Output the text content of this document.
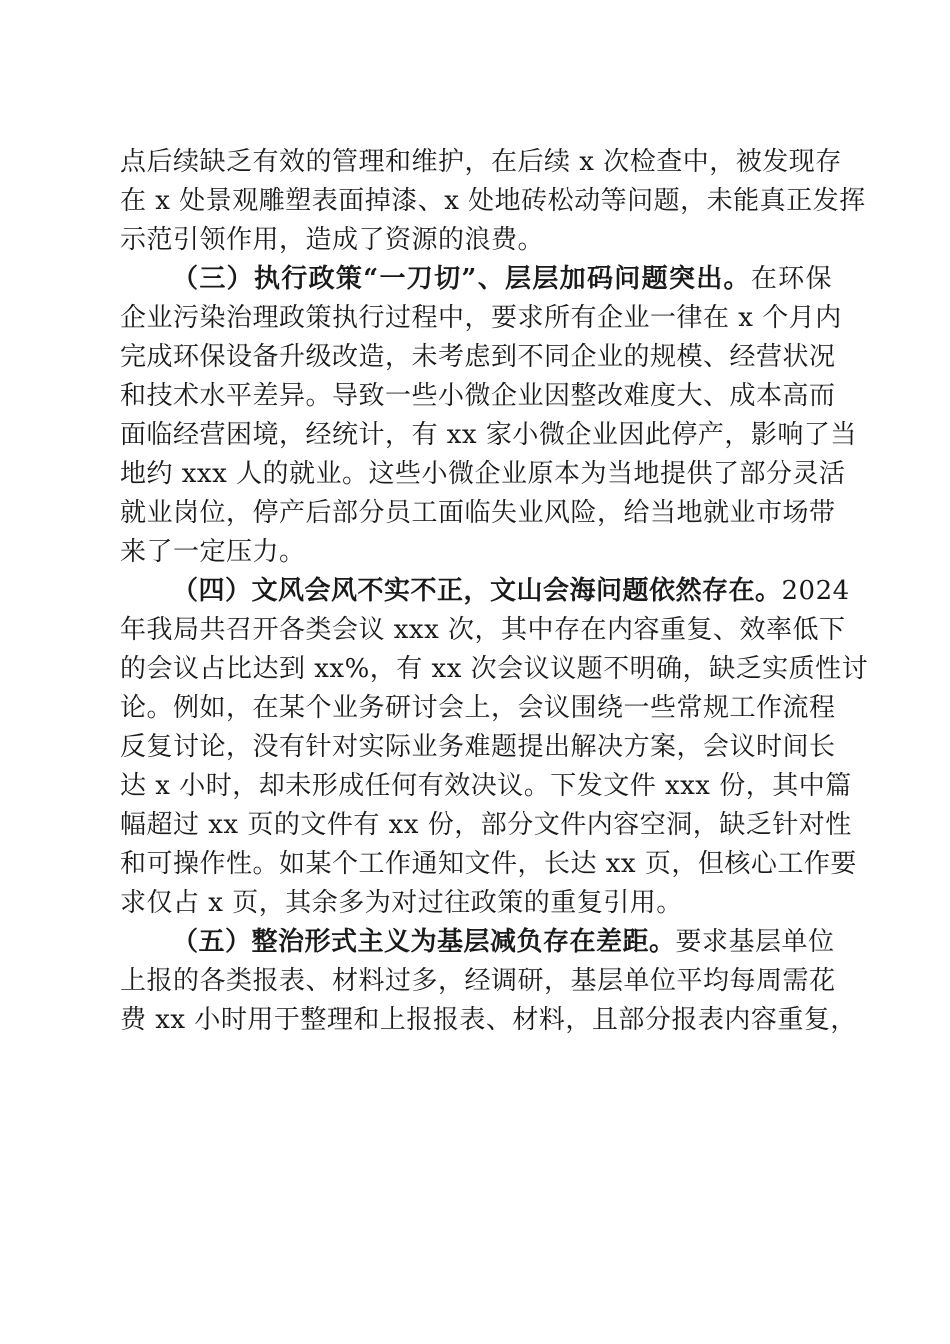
点后续缺乏有效的管理和维护，在后续 x 次检查中，被发现存
在 x 处景观雕塑表面掉漆、x 处地砖松动等问题，未能真正发挥
示范引领作用，造成了资源的浪费。
（三）执行政策“一刀切”、层层加码问题突出。在环保
企业污染治理政策执行过程中，要求所有企业一律在 x 个月内
完成环保设备升级改造，未考虑到不同企业的规模、经营状况
和技术水平差异。导致一些小微企业因整改难度大、成本高而
面临经营困境，经统计，有 xx 家小微企业因此停产，影响了当
地约 xxx 人的就业。这些小微企业原本为当地提供了部分灵活
就业岗位，停产后部分员工面临失业风险，给当地就业市场带
来了一定压力。
（四）文风会风不实不正，文山会海问题依然存在。2024
年我局共召开各类会议 xxx 次，其中存在内容重复、效率低下
的会议占比达到 xx%，有 xx 次会议议题不明确，缺乏实质性讨
论。例如，在某个业务研讨会上，会议围绕一些常规工作流程
反复讨论，没有针对实际业务难题提出解决方案，会议时间长
达 x 小时，却未形成任何有效决议。下发文件 xxx 份，其中篇
幅超过 xx 页的文件有 xx 份，部分文件内容空洞，缺乏针对性
和可操作性。如某个工作通知文件，长达 xx 页，但核心工作要
求仅占 x 页，其余多为对过往政策的重复引用。
（五）整治形式主义为基层减负存在差距。要求基层单位
上报的各类报表、材料过多，经调研，基层单位平均每周需花
费 xx 小时用于整理和上报报表、材料，且部分报表内容重复，
